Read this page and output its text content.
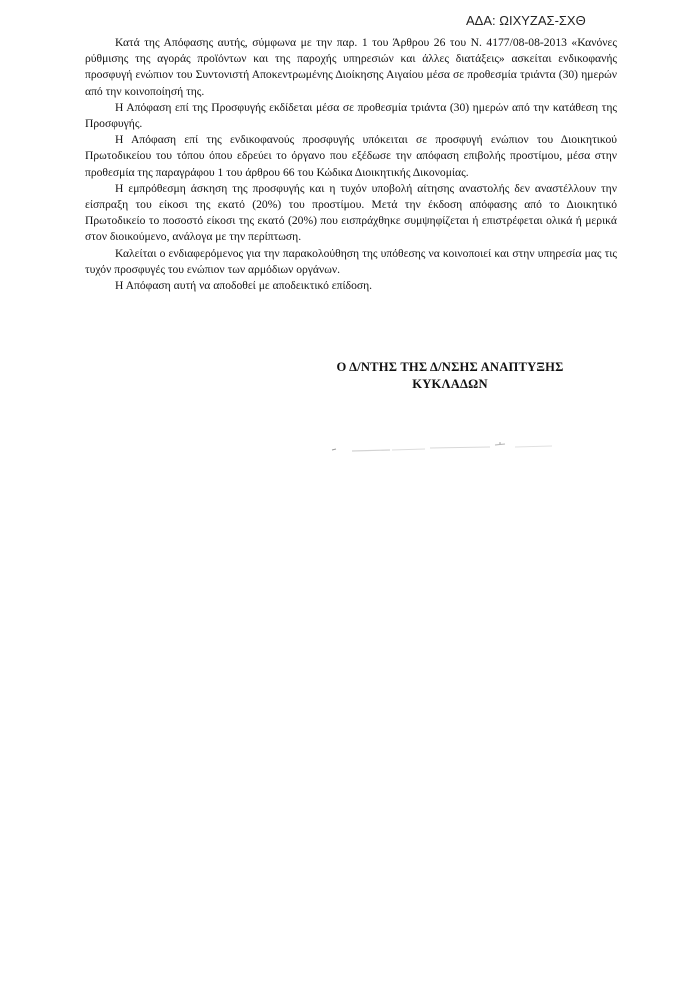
ΑΔΑ: ΩΙΧΥΖΑΣ-ΣΧΘ

Κατά της Απόφασης αυτής, σύμφωνα με την παρ. 1 του Άρθρου 26 του Ν. 4177/08-08-2013 «Κανόνες ρύθμισης της αγοράς προϊόντων και της παροχής υπηρεσιών και άλλες διατάξεις» ασκείται ενδικοφανής προσφυγή ενώπιον του Συντονιστή Αποκεντρωμένης Διοίκησης Αιγαίου μέσα σε προθεσμία τριάντα (30) ημερών από την κοινοποίησή της.

Η Απόφαση επί της Προσφυγής εκδίδεται μέσα σε προθεσμία τριάντα (30) ημερών από την κατάθεση της Προσφυγής.

Η Απόφαση επί της ενδικοφανούς προσφυγής υπόκειται σε προσφυγή ενώπιον του Διοικητικού Πρωτοδικείου του τόπου όπου εδρεύει το όργανο που εξέδωσε την απόφαση επιβολής προστίμου, μέσα στην προθεσμία της παραγράφου 1 του άρθρου 66 του Κώδικα Διοικητικής Δικονομίας.

Η εμπρόθεσμη άσκηση της προσφυγής και η τυχόν υποβολή αίτησης αναστολής δεν αναστέλλουν την είσπραξη του είκοσι της εκατό (20%) του προστίμου. Μετά την έκδοση απόφασης από το Διοικητικό Πρωτοδικείο το ποσοστό είκοσι της εκατό (20%) που εισπράχθηκε συμψηφίζεται ή επιστρέφεται ολικά ή μερικά στον διοικούμενο, ανάλογα με την περίπτωση.

Καλείται ο ενδιαφερόμενος για την παρακολούθηση της υπόθεσης να κοινοποιεί και στην υπηρεσία μας τις τυχόν προσφυγές του ενώπιον των αρμόδιων οργάνων.

Η Απόφαση αυτή να αποδοθεί με αποδεικτικό επίδοση.

Ο Δ/ΝΤΗΣ ΤΗΣ Δ/ΝΣΗΣ ΑΝΑΠΤΥΞΗΣ
ΚΥΚΛΑΔΩΝ
